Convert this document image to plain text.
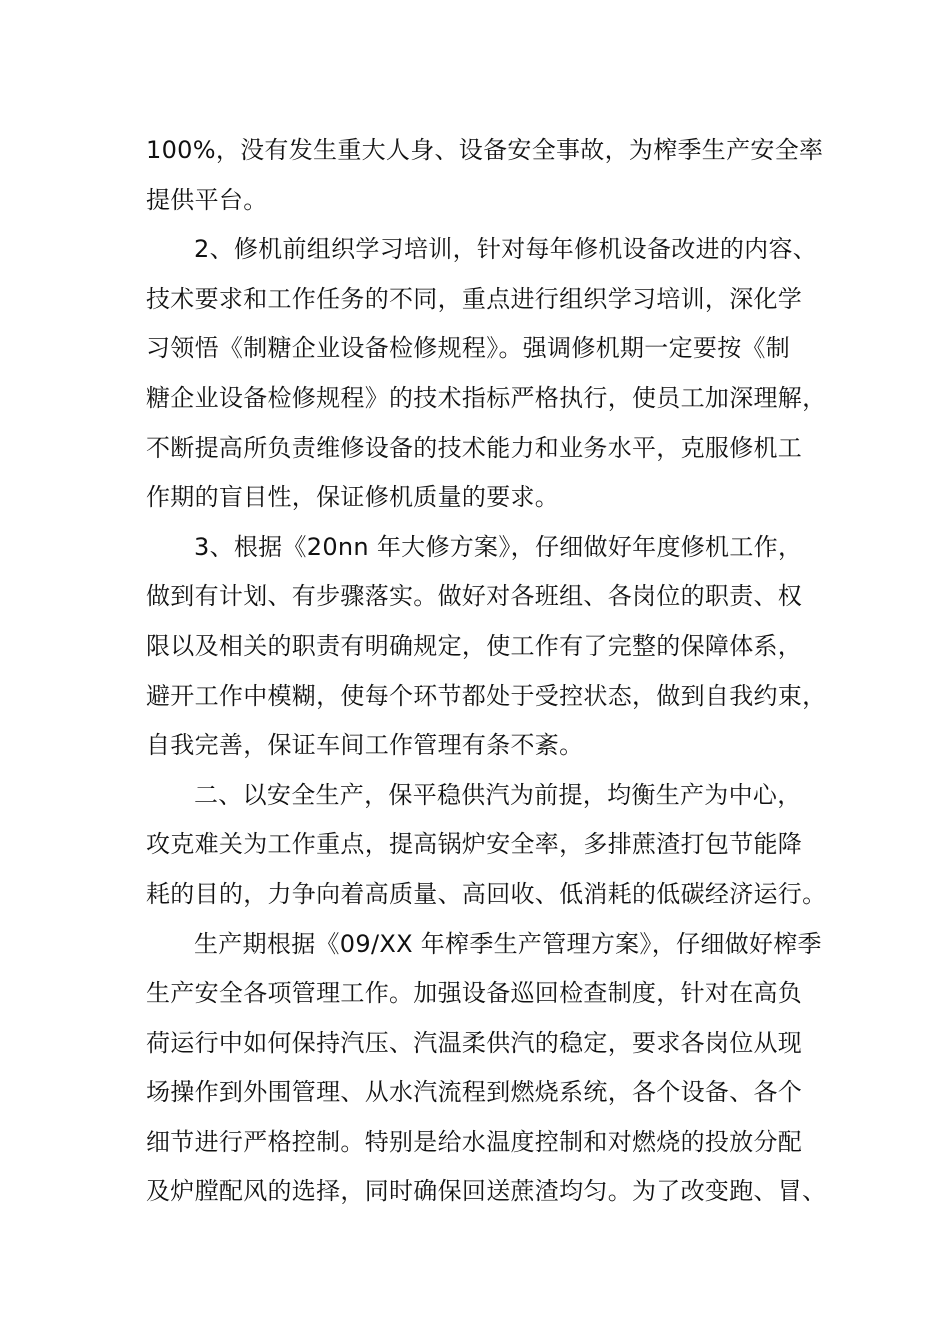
100%，没有发生重大人身、设备安全事故，为榨季生产安全率
提供平台。
2、修机前组织学习培训，针对每年修机设备改进的内容、
技术要求和工作任务的不同，重点进行组织学习培训，深化学
习领悟《制糖企业设备检修规程》。强调修机期一定要按《制
糖企业设备检修规程》的技术指标严格执行，使员工加深理解，
不断提高所负责维修设备的技术能力和业务水平，克服修机工
作期的盲目性，保证修机质量的要求。
3、根据《20nn 年大修方案》，仔细做好年度修机工作，
做到有计划、有步骤落实。做好对各班组、各岗位的职责、权
限以及相关的职责有明确规定，使工作有了完整的保障体系，
避开工作中模糊，使每个环节都处于受控状态，做到自我约束，
自我完善，保证车间工作管理有条不紊。
二、以安全生产，保平稳供汽为前提，均衡生产为中心，
攻克难关为工作重点，提高锅炉安全率，多排蔗渣打包节能降
耗的目的，力争向着高质量、高回收、低消耗的低碳经济运行。
生产期根据《09/XX 年榨季生产管理方案》，仔细做好榨季
生产安全各项管理工作。加强设备巡回检查制度，针对在高负
荷运行中如何保持汽压、汽温柔供汽的稳定，要求各岗位从现
场操作到外围管理、从水汽流程到燃烧系统，各个设备、各个
细节进行严格控制。特别是给水温度控制和对燃烧的投放分配
及炉膛配风的选择，同时确保回送蔗渣均匀。为了改变跑、冒、
